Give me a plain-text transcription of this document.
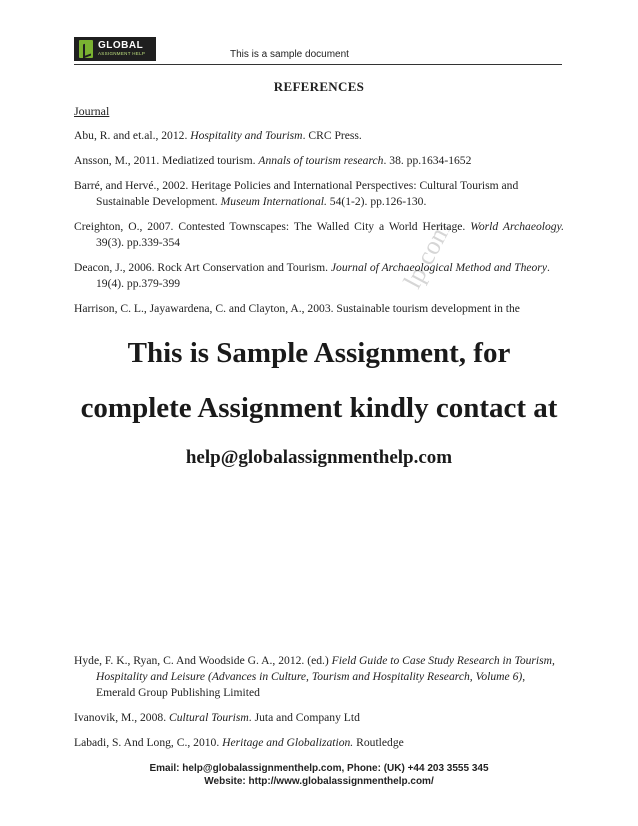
GLOBAL
ASSIGNMENT HELP	This is a sample document
REFERENCES
Journal
lp.com
Abu, R. and et.al., 2012. Hospitality and Tourism. CRC Press.
Ansson, M., 2011. Mediatized tourism. Annals of tourism research. 38. pp.1634-1652
Barré, and Hervé., 2002. Heritage Policies and International Perspectives: Cultural Tourism and Sustainable Development. Museum International. 54(1-2). pp.126-130.
Creighton, O., 2007. Contested Townscapes: The Walled City a World Heritage. World Archaeology. 39(3). pp.339-354
Deacon, J., 2006. Rock Art Conservation and Tourism. Journal of Archaeological Method and Theory. 19(4). pp.379-399
Harrison, C. L., Jayawardena, C. and Clayton, A., 2003. Sustainable tourism development in the
This is Sample Assignment, for
complete Assignment kindly contact at
help@globalassignmenthelp.com
Hyde, F. K., Ryan, C. And Woodside G. A., 2012. (ed.) Field Guide to Case Study Research in Tourism, Hospitality and Leisure (Advances in Culture, Tourism and Hospitality Research, Volume 6), Emerald Group Publishing Limited
Ivanovik, M., 2008. Cultural Tourism. Juta and Company Ltd
Labadi, S. And Long, C., 2010. Heritage and Globalization. Routledge
Email: help@globalassignmenthelp.com, Phone: (UK) +44 203 3555 345
Website: http://www.globalassignmenthelp.com/
